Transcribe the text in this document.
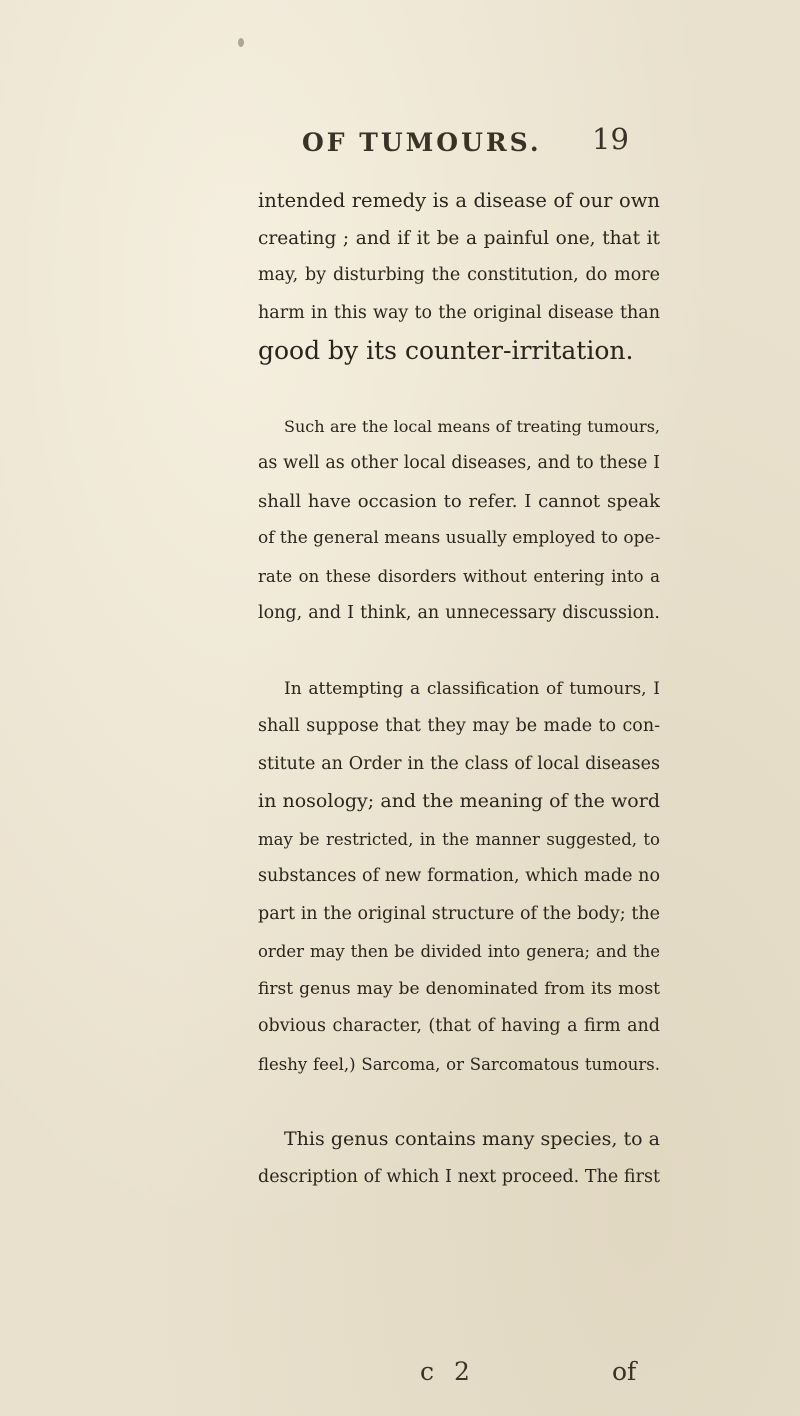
OF TUMOURS. 19

intended remedy is a disease of our own
creating ; and if it be a painful one, that it
may, by disturbing the constitution, do more
harm in this way to the original disease than
good by its counter-irritation.

Such are the local means of treating tumours,
as well as other local diseases, and to these I
shall have occasion to refer. I cannot speak
of the general means usually employed to ope-
rate on these disorders without entering into a
long, and I think, an unnecessary discussion.

In attempting a classification of tumours, I
shall suppose that they may be made to con-
stitute an Order in the class of local diseases
in nosology; and the meaning of the word
may be restricted, in the manner suggested, to
substances of new formation, which made no
part in the original structure of the body; the
order may then be divided into genera; and the
first genus may be denominated from its most
obvious character, (that of having a firm and
fleshy feel,) Sarcoma, or Sarcomatous tumours.

This genus contains many species, to a
description of which I next proceed. The first

c 2	of
